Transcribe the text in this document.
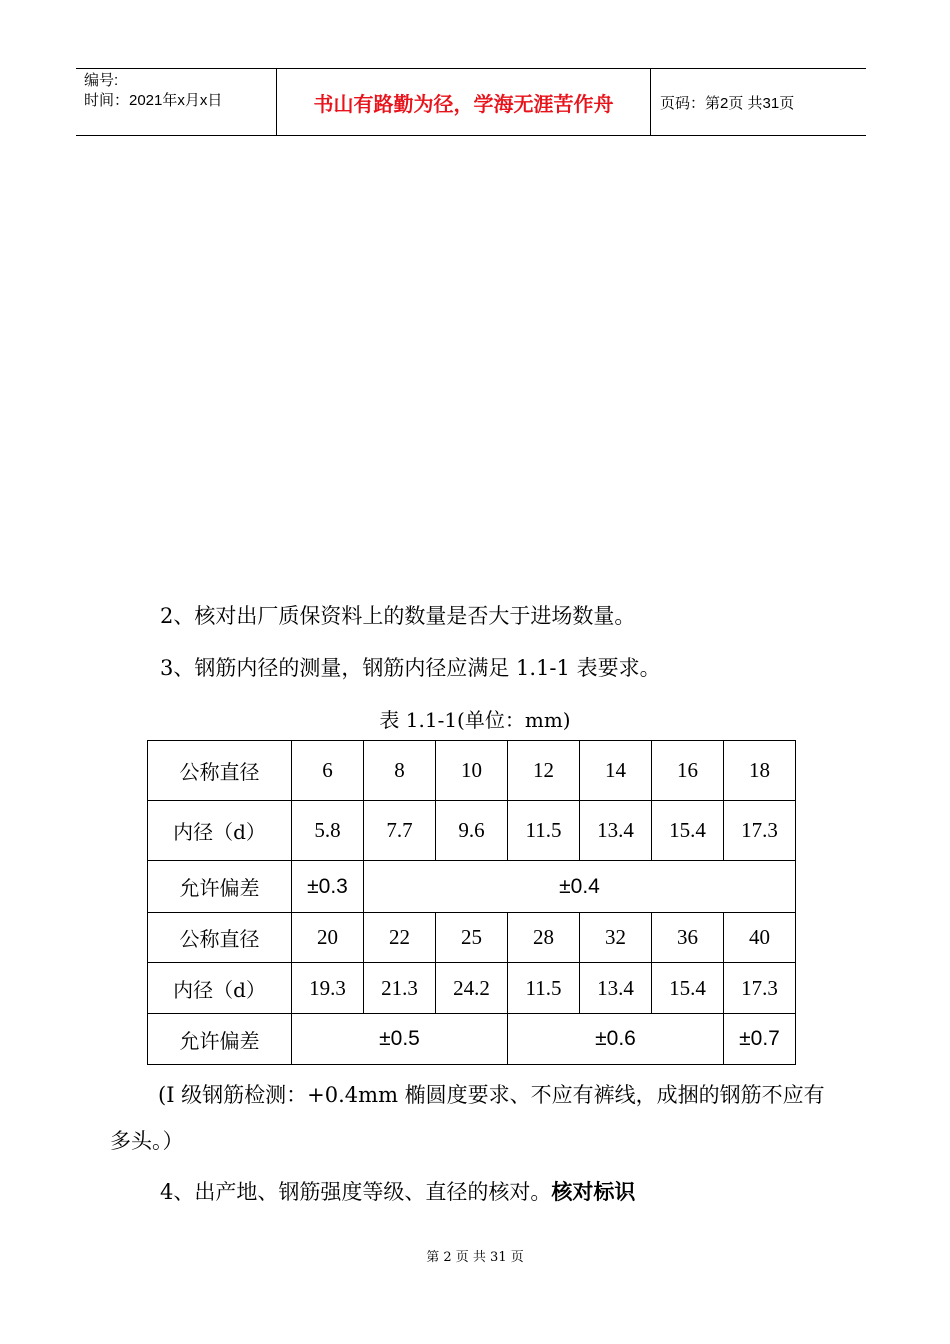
编号:
时间：2021年x月x日	书山有路勤为径，学海无涯苦作舟	页码：第2页 共31页
2、核对出厂质保资料上的数量是否大于进场数量。
3、钢筋内径的测量，钢筋内径应满足 1.1-1 表要求。
表 1.1-1(单位：mm)
公称直径	6	8	10	12	14	16	18
内径（d）	5.8	7.7	9.6	11.5	13.4	15.4	17.3
允许偏差	±0.3	±0.4					
公称直径	20	22	25	28	32	36	40
内径（d）	19.3	21.3	24.2	11.5	13.4	15.4	17.3
允许偏差	±0.5			±0.6			±0.7
(I 级钢筋检测：+0.4mm 椭圆度要求、不应有裤线，成捆的钢筋不应有多头。）
4、出产地、钢筋强度等级、直径的核对。核对标识
第 2 页 共 31 页
